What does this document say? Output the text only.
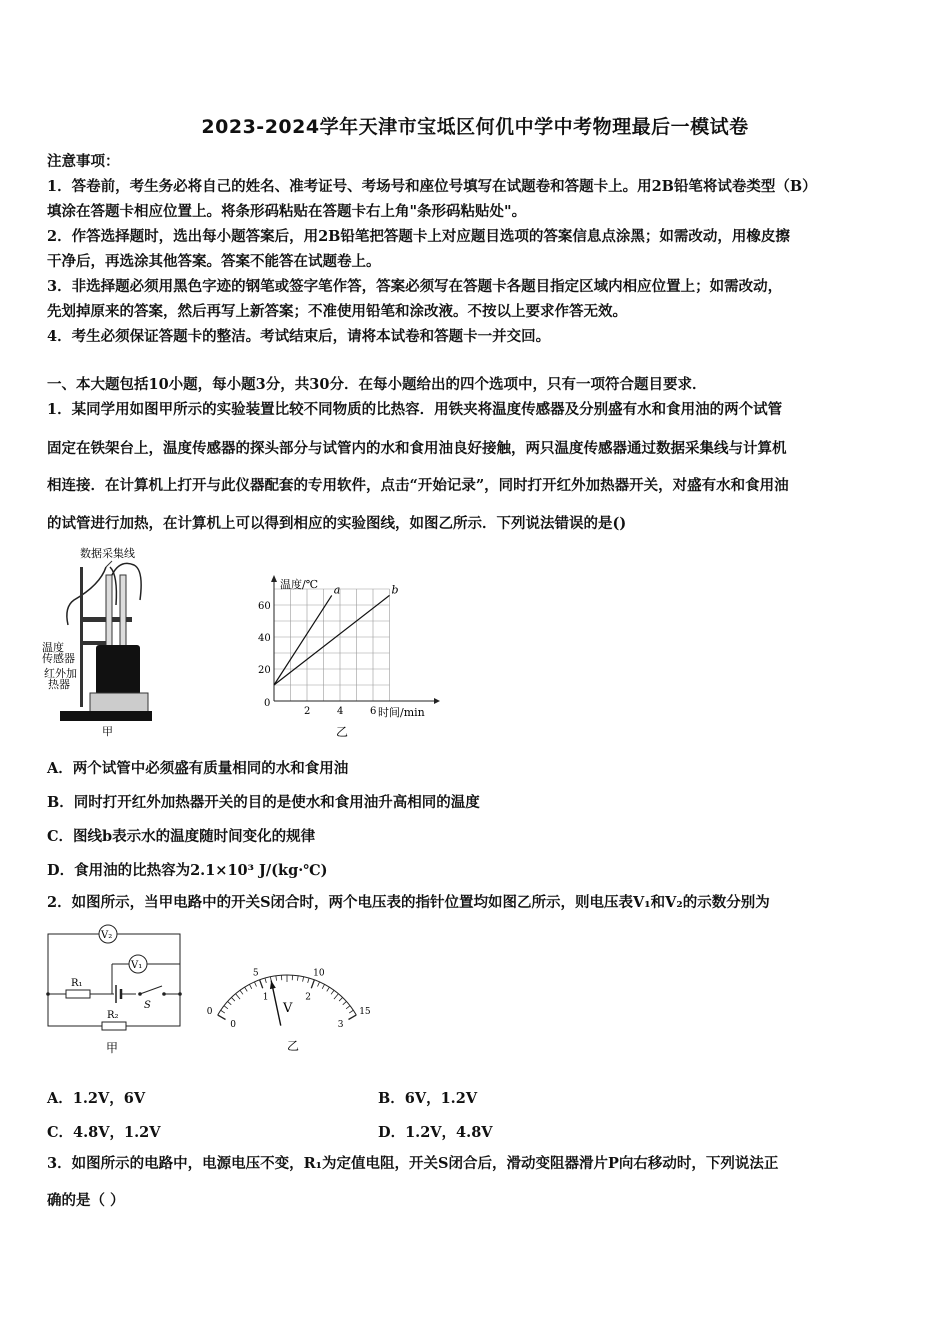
2023-2024学年天津市宝坻区何仉中学中考物理最后一模试卷
注意事项：
1．答卷前，考生务必将自己的姓名、准考证号、考场号和座位号填写在试题卷和答题卡上。用2B铅笔将试卷类型（B）
填涂在答题卡相应位置上。将条形码粘贴在答题卡右上角"条形码粘贴处"。
2．作答选择题时，选出每小题答案后，用2B铅笔把答题卡上对应题目选项的答案信息点涂黑；如需改动，用橡皮擦
干净后，再选涂其他答案。答案不能答在试题卷上。
3．非选择题必须用黑色字迹的钢笔或签字笔作答，答案必须写在答题卡各题目指定区域内相应位置上；如需改动，
先划掉原来的答案，然后再写上新答案；不准使用铅笔和涂改液。不按以上要求作答无效。
4．考生必须保证答题卡的整洁。考试结束后，请将本试卷和答题卡一并交回。
一、本大题包括10小题，每小题3分，共30分．在每小题给出的四个选项中，只有一项符合题目要求．
1．某同学用如图甲所示的实验装置比较不同物质的比热容．用铁夹将温度传感器及分别盛有水和食用油的两个试管
固定在铁架台上，温度传感器的探头部分与试管内的水和食用油良好接触，两只温度传感器通过数据采集线与计算机
相连接．在计算机上打开与此仪器配套的专用软件，点击“开始记录”，同时打开红外加热器开关，对盛有水和食用油
的试管进行加热，在计算机上可以得到相应的实验图线，如图乙所示．下列说法错误的是()
数据采集线
温度
传感器
红外加
热器
甲
温度/℃
时间/min
0
20
40
60
2	4	6
a	b
乙
A．两个试管中必须盛有质量相同的水和食用油
B．同时打开红外加热器开关的目的是使水和食用油升高相同的温度
C．图线b表示水的温度随时间变化的规律
D．食用油的比热容为2.1×10³ J/(kg·℃)
2．如图所示，当甲电路中的开关S闭合时，两个电压表的指针位置均如图乙所示，则电压表V₁和V₂的示数分别为
V₂
V₁
R₁
S
R₂
甲
0
5	10
15
0
1	2
3
V
乙
A．1.2V，6V	B．6V，1.2V
C．4.8V，1.2V	D．1.2V，4.8V
3．如图所示的电路中，电源电压不变，R₁为定值电阻，开关S闭合后，滑动变阻器滑片P向右移动时，下列说法正
确的是（ ）
